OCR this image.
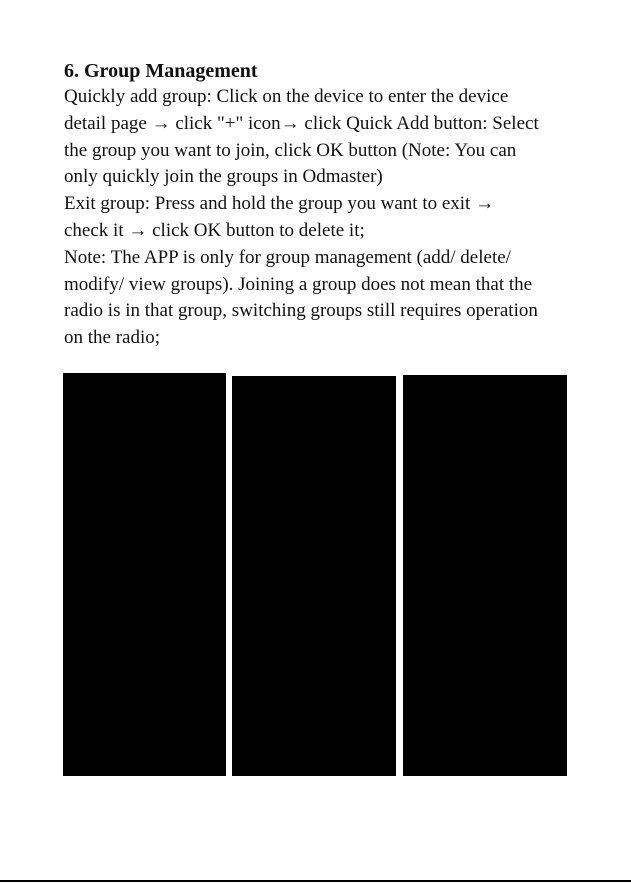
6. Group Management
Quickly add group: Click on the device to enter the device
detail page → click "+" icon→ click Quick Add button: Select
the group you want to join, click OK button (Note: You can
only quickly join the groups in Odmaster)
Exit group: Press and hold the group you want to exit →
check it → click OK button to delete it;
Note: The APP is only for group management (add/ delete/
modify/ view groups). Joining a group does not mean that the
radio is in that group, switching groups still requires operation
on the radio;
